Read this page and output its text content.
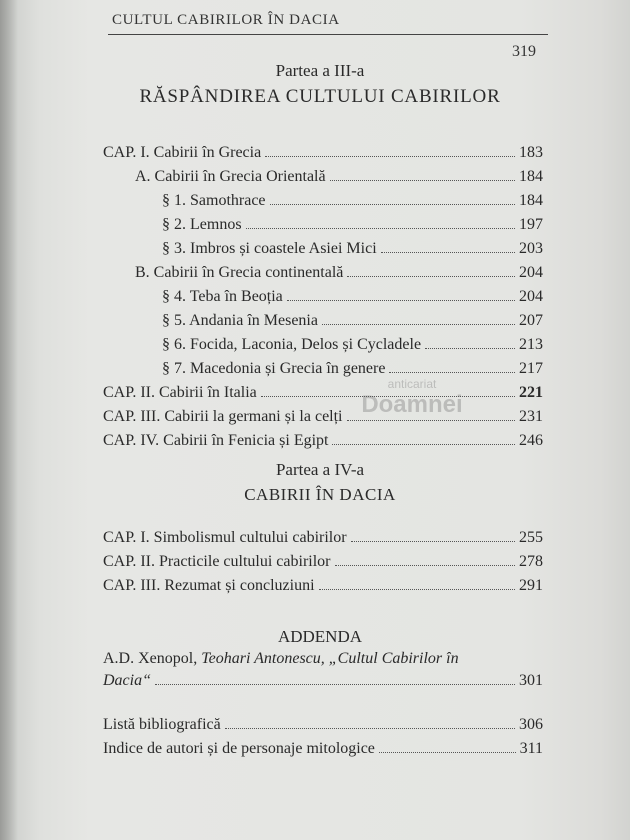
CULTUL CABIRILOR ÎN DACIA
319
Partea a III-a
RĂSPÂNDIREA CULTULUI CABIRILOR
CAP. I. Cabirii în Grecia	183
A. Cabirii în Grecia Orientală	184
§ 1. Samothrace	184
§ 2. Lemnos	197
§ 3. Imbros și coastele Asiei Mici	203
B. Cabirii în Grecia continentală	204
§ 4. Teba în Beoția	204
§ 5. Andania în Mesenia	207
§ 6. Focida, Laconia, Delos și Cycladele	213
§ 7. Macedonia și Grecia în genere	217
CAP. II. Cabirii în Italia	221
CAP. III. Cabirii la germani și la celți	231
CAP. IV. Cabirii în Fenicia și Egipt	246
anticariat
Doamnei
Partea a IV-a
CABIRII ÎN DACIA
CAP. I. Simbolismul cultului cabirilor	255
CAP. II. Practicile cultului cabirilor	278
CAP. III. Rezumat și concluziuni	291
ADDENDA
A.D. Xenopol, Teohari Antonescu, „Cultul Cabirilor în
Dacia“	301
Listă bibliografică	306
Indice de autori și de personaje mitologice	311
